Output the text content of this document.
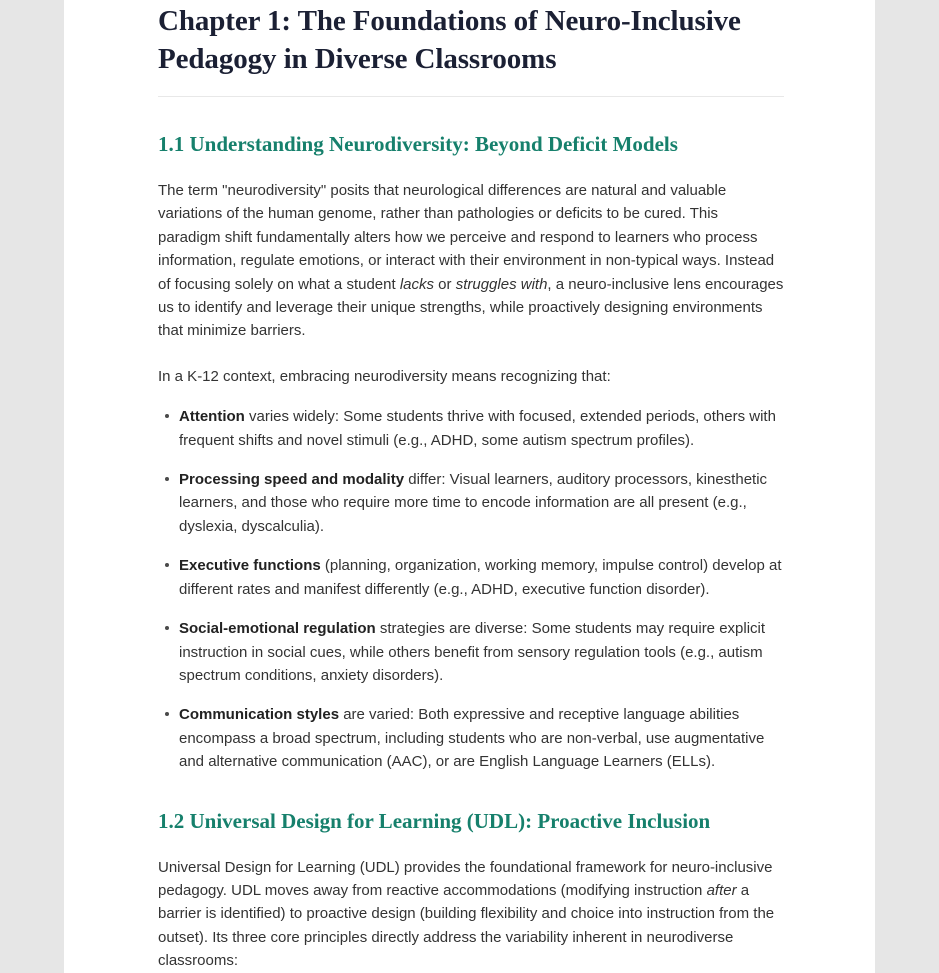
Chapter 1: The Foundations of Neuro-Inclusive Pedagogy in Diverse Classrooms
1.1 Understanding Neurodiversity: Beyond Deficit Models

The term "neurodiversity" posits that neurological differences are natural and valuable variations of the human genome, rather than pathologies or deficits to be cured. This paradigm shift fundamentally alters how we perceive and respond to learners who process information, regulate emotions, or interact with their environment in non-typical ways. Instead of focusing solely on what a student lacks or struggles with, a neuro-inclusive lens encourages us to identify and leverage their unique strengths, while proactively designing environments that minimize barriers.

In a K-12 context, embracing neurodiversity means recognizing that:

Attention varies widely: Some students thrive with focused, extended periods, others with frequent shifts and novel stimuli (e.g., ADHD, some autism spectrum profiles).
Processing speed and modality differ: Visual learners, auditory processors, kinesthetic learners, and those who require more time to encode information are all present (e.g., dyslexia, dyscalculia).
Executive functions (planning, organization, working memory, impulse control) develop at different rates and manifest differently (e.g., ADHD, executive function disorder).
Social-emotional regulation strategies are diverse: Some students may require explicit instruction in social cues, while others benefit from sensory regulation tools (e.g., autism spectrum conditions, anxiety disorders).
Communication styles are varied: Both expressive and receptive language abilities encompass a broad spectrum, including students who are non-verbal, use augmentative and alternative communication (AAC), or are English Language Learners (ELLs).
1.2 Universal Design for Learning (UDL): Proactive Inclusion

Universal Design for Learning (UDL) provides the foundational framework for neuro-inclusive pedagogy. UDL moves away from reactive accommodations (modifying instruction after a barrier is identified) to proactive design (building flexibility and choice into instruction from the outset). Its three core principles directly address the variability inherent in neurodiverse classrooms:
